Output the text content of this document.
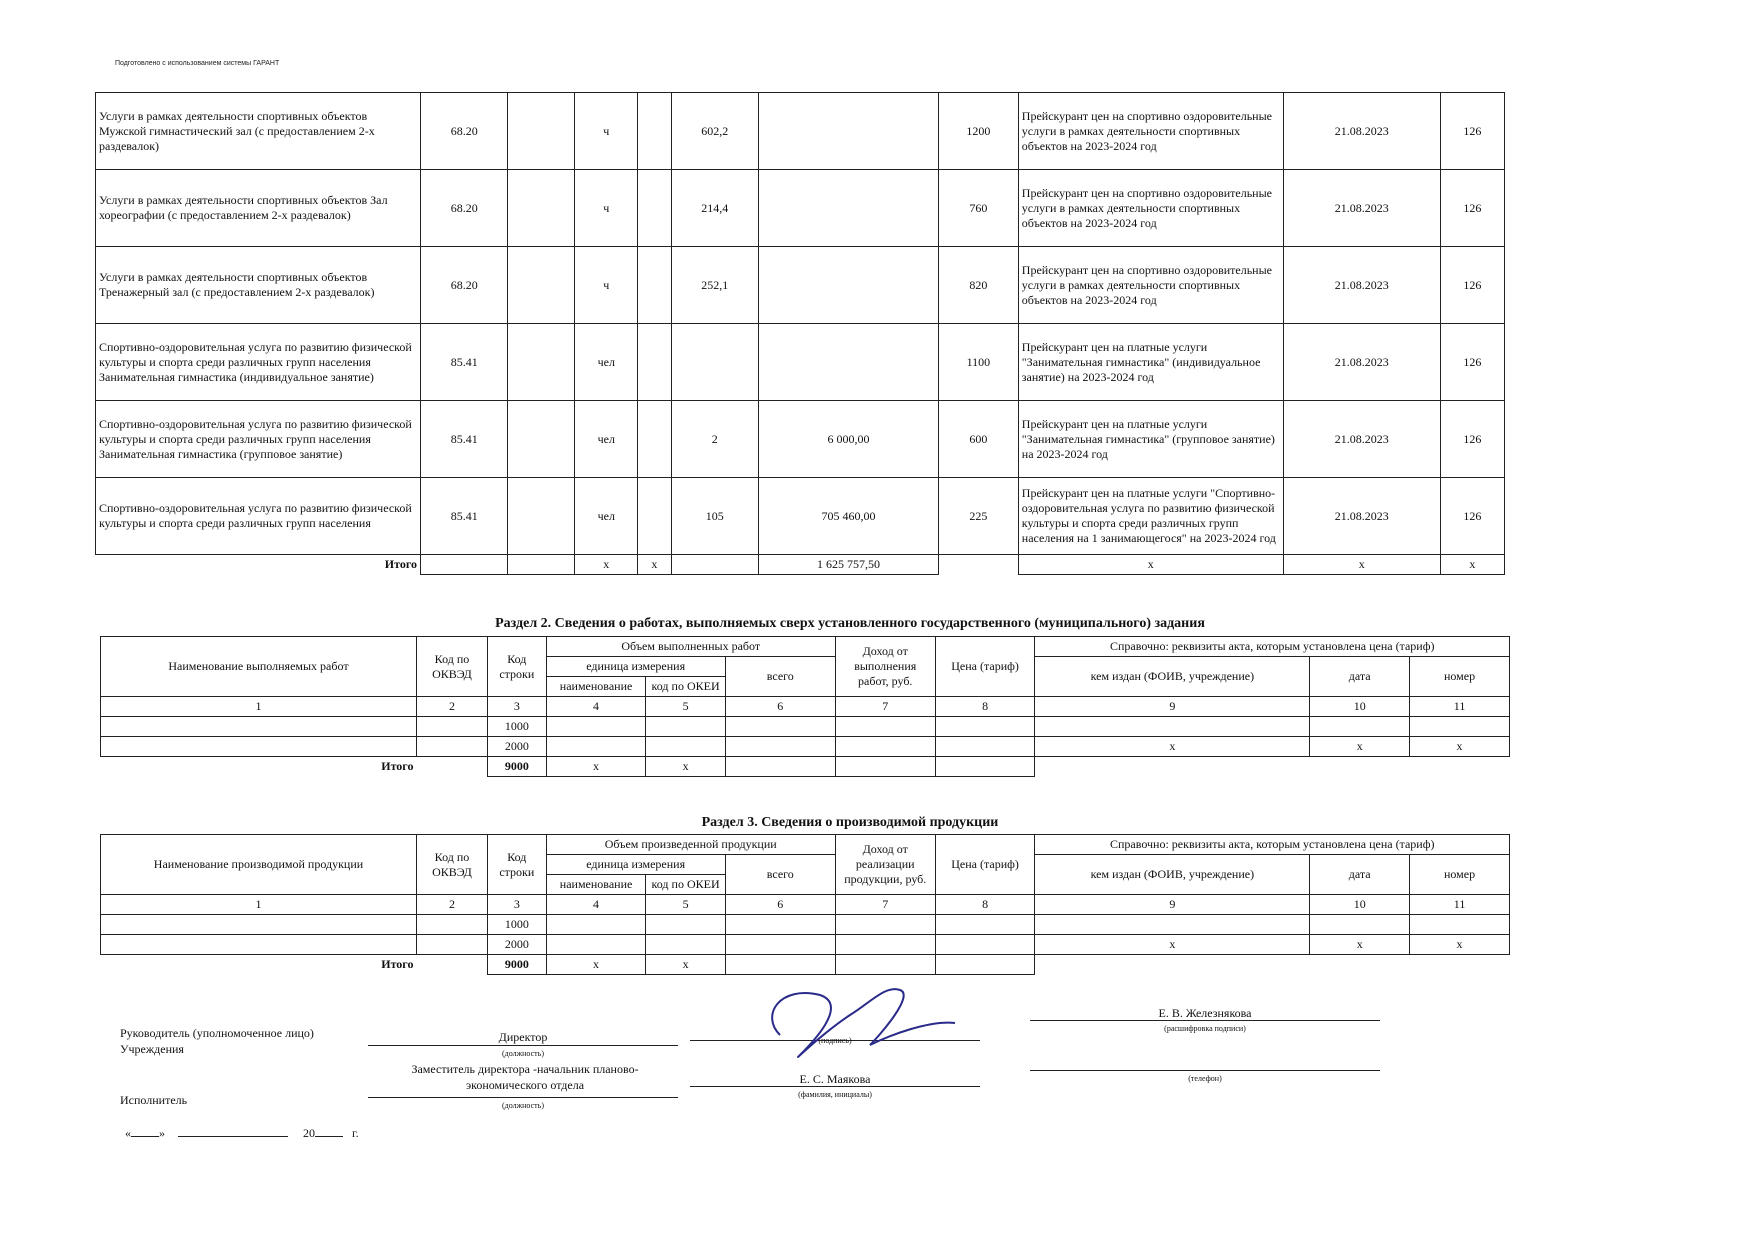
Подготовлено с использованием системы ГАРАНТ
Услуги в рамках деятельности спортивных объектов Мужской гимнастический зал (с предоставлением 2-х раздевалок)	68.20		ч		602,2		1200	Прейскурант цен на спортивно оздоровительные услуги в рамках деятельности спортивных объектов на 2023-2024 год	21.08.2023	126
Услуги в рамках деятельности спортивных объектов Зал хореографии (с предоставлением 2-х раздевалок)	68.20		ч		214,4		760	Прейскурант цен на спортивно оздоровительные услуги в рамках деятельности спортивных объектов на 2023-2024 год	21.08.2023	126
Услуги в рамках деятельности спортивных объектов Тренажерный зал (с предоставлением 2-х раздевалок)	68.20		ч		252,1		820	Прейскурант цен на спортивно оздоровительные услуги в рамках деятельности спортивных объектов на 2023-2024 год	21.08.2023	126
Спортивно-оздоровительная услуга по развитию физической культуры и спорта среди различных групп населения Занимательная гимнастика (индивидуальное занятие)	85.41		чел				1100	Прейскурант цен на платные услуги "Занимательная гимнастика" (индивидуальное занятие) на 2023-2024 год	21.08.2023	126
Спортивно-оздоровительная услуга по развитию физической культуры и спорта среди различных групп населения Занимательная гимнастика (групповое занятие)	85.41		чел		2	6 000,00	600	Прейскурант цен на платные услуги "Занимательная гимнастика" (групповое занятие) на 2023-2024 год	21.08.2023	126
Спортивно-оздоровительная услуга по развитию физической культуры и спорта среди различных групп населения	85.41		чел		105	705 460,00	225	Прейскурант цен на платные услуги "Спортивно-оздоровительная услуга по развитию физической культуры и спорта среди различных групп населения на 1 занимающегося" на 2023-2024 год	21.08.2023	126
Итого			x	x		1 625 757,50		x	x	x
Раздел 2. Сведения о работах, выполняемых сверх установленного государственного (муниципального) задания
Наименование выполняемых работ	Код по ОКВЭД	Код строки	Объем выполненных работ			Доход от выполнения работ, руб.	Цена (тариф)	Справочно: реквизиты акта, которым установлена цена (тариф)		
			единица измерения		всего			кем издан (ФОИВ, учреждение)	дата	номер
			наименование	код по ОКЕИ						
1	2	3	4	5	6	7	8	9	10	11
		1000								
		2000						x	x	x
Итого		9000	x	x						
Раздел 3. Сведения о производимой продукции
Наименование производимой продукции	Код по ОКВЭД	Код строки	Объем произведенной продукции			Доход от реализации продукции, руб.	Цена (тариф)	Справочно: реквизиты акта, которым установлена цена (тариф)		
			единица измерения		всего			кем издан (ФОИВ, учреждение)	дата	номер
			наименование	код по ОКЕИ						
1	2	3	4	5	6	7	8	9	10	11
		1000								
		2000						x	x	x
Итого		9000	x	x						
Руководитель (уполномоченное лицо) Учреждения
Директор
(должность)
(подпись)
Е. В. Железнякова
(расшифровка подписи)
Исполнитель
Заместитель директора -начальник планово-экономического отдела
(должность)
Е. С. Маякова
(фамилия, инициалы)
(телефон)
« »	20	г.
